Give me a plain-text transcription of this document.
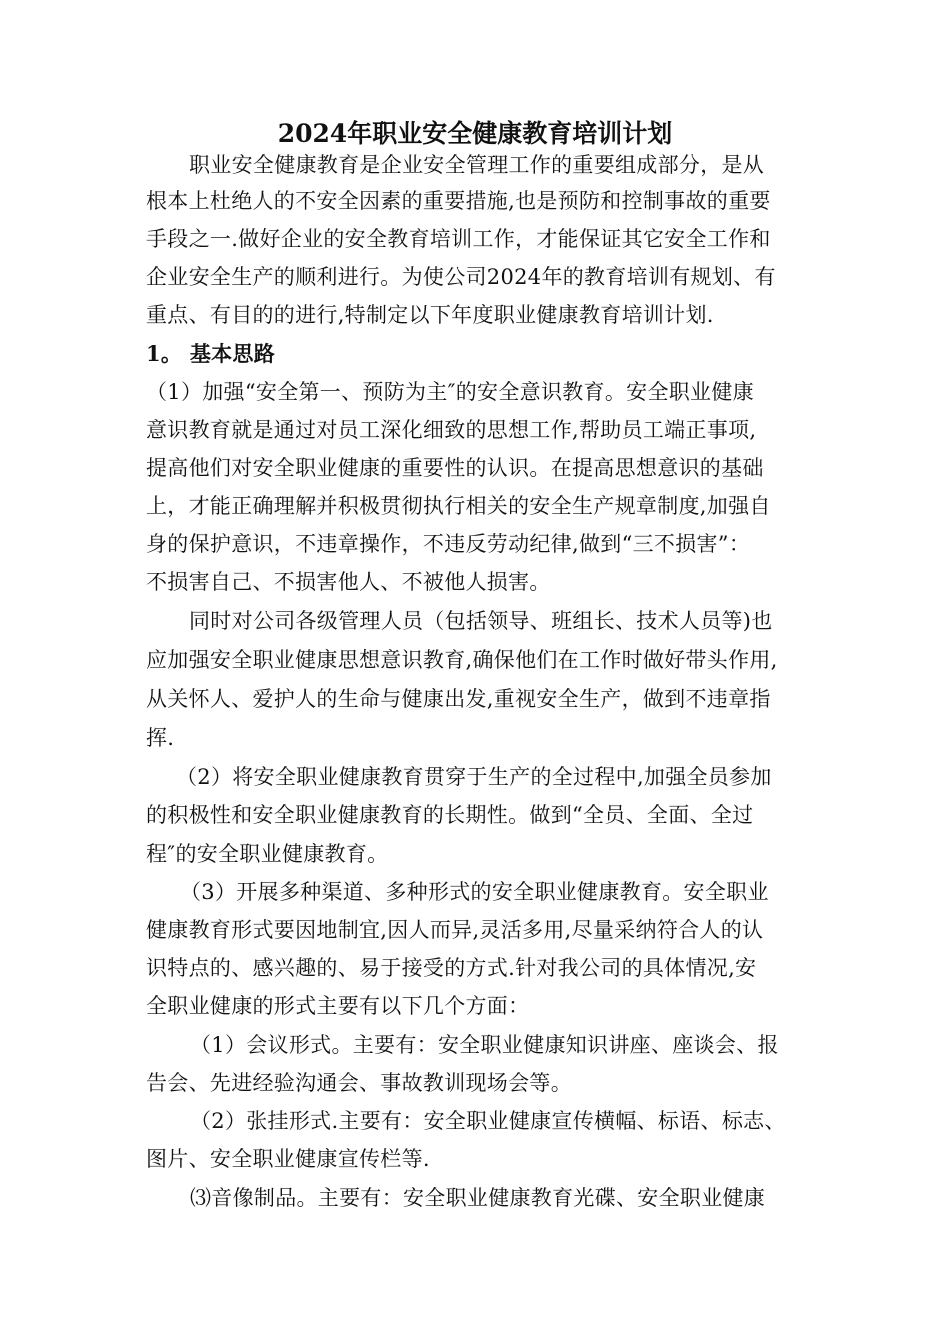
2024年职业安全健康教育培训计划
职业安全健康教育是企业安全管理工作的重要组成部分，是从
根本上杜绝人的不安全因素的重要措施,也是预防和控制事故的重要
手段之一.做好企业的安全教育培训工作，才能保证其它安全工作和
企业安全生产的顺利进行。为使公司2024年的教育培训有规划、有
重点、有目的的进行,特制定以下年度职业健康教育培训计划.
1。 基本思路
（1）加强“安全第一、预防为主″的安全意识教育。安全职业健康
意识教育就是通过对员工深化细致的思想工作,帮助员工端正事项,
提高他们对安全职业健康的重要性的认识。在提高思想意识的基础
上，才能正确理解并积极贯彻执行相关的安全生产规章制度,加强自
身的保护意识，不违章操作，不违反劳动纪律,做到“三不损害”：
不损害自己、不损害他人、不被他人损害。
同时对公司各级管理人员（包括领导、班组长、技术人员等)也
应加强安全职业健康思想意识教育,确保他们在工作时做好带头作用,
从关怀人、爱护人的生命与健康出发,重视安全生产，做到不违章指
挥.
（2）将安全职业健康教育贯穿于生产的全过程中,加强全员参加
的积极性和安全职业健康教育的长期性。做到“全员、全面、全过
程″的安全职业健康教育。
（3）开展多种渠道、多种形式的安全职业健康教育。安全职业
健康教育形式要因地制宜,因人而异,灵活多用,尽量采纳符合人的认
识特点的、感兴趣的、易于接受的方式.针对我公司的具体情况,安
全职业健康的形式主要有以下几个方面：
（1）会议形式。主要有：安全职业健康知识讲座、座谈会、报
告会、先进经验沟通会、事故教训现场会等。
（2）张挂形式.主要有：安全职业健康宣传横幅、标语、标志、
图片、安全职业健康宣传栏等.
⑶音像制品。主要有：安全职业健康教育光碟、安全职业健康
